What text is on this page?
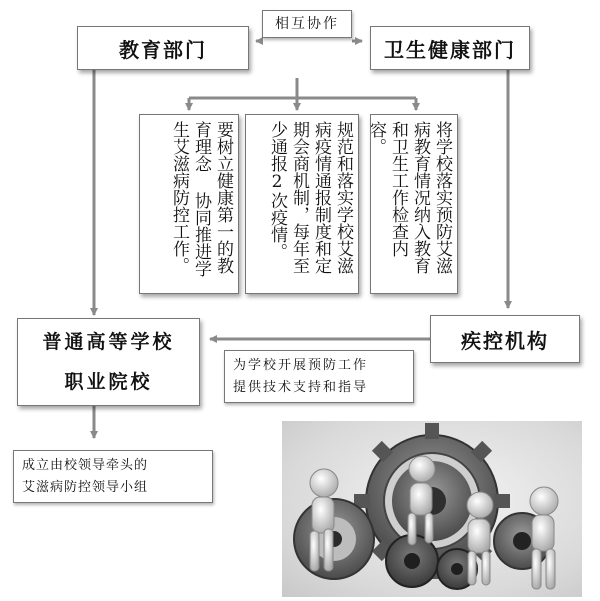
相互协作
教育部门	卫生健康部门
要树立健康第一的教育理念 协同推进学生艾滋病防控工作。	规范和落实学校艾滋病疫情通报制度和定期会商机制，每年至少通报2次疫情。	将学校落实预防艾滋病教育情况纳入教育和卫生工作检查内容。
普通高等学校
职业院校
疾控机构
为学校开展预防工作
提供技术支持和指导
成立由校领导牵头的
艾滋病防控领导小组
